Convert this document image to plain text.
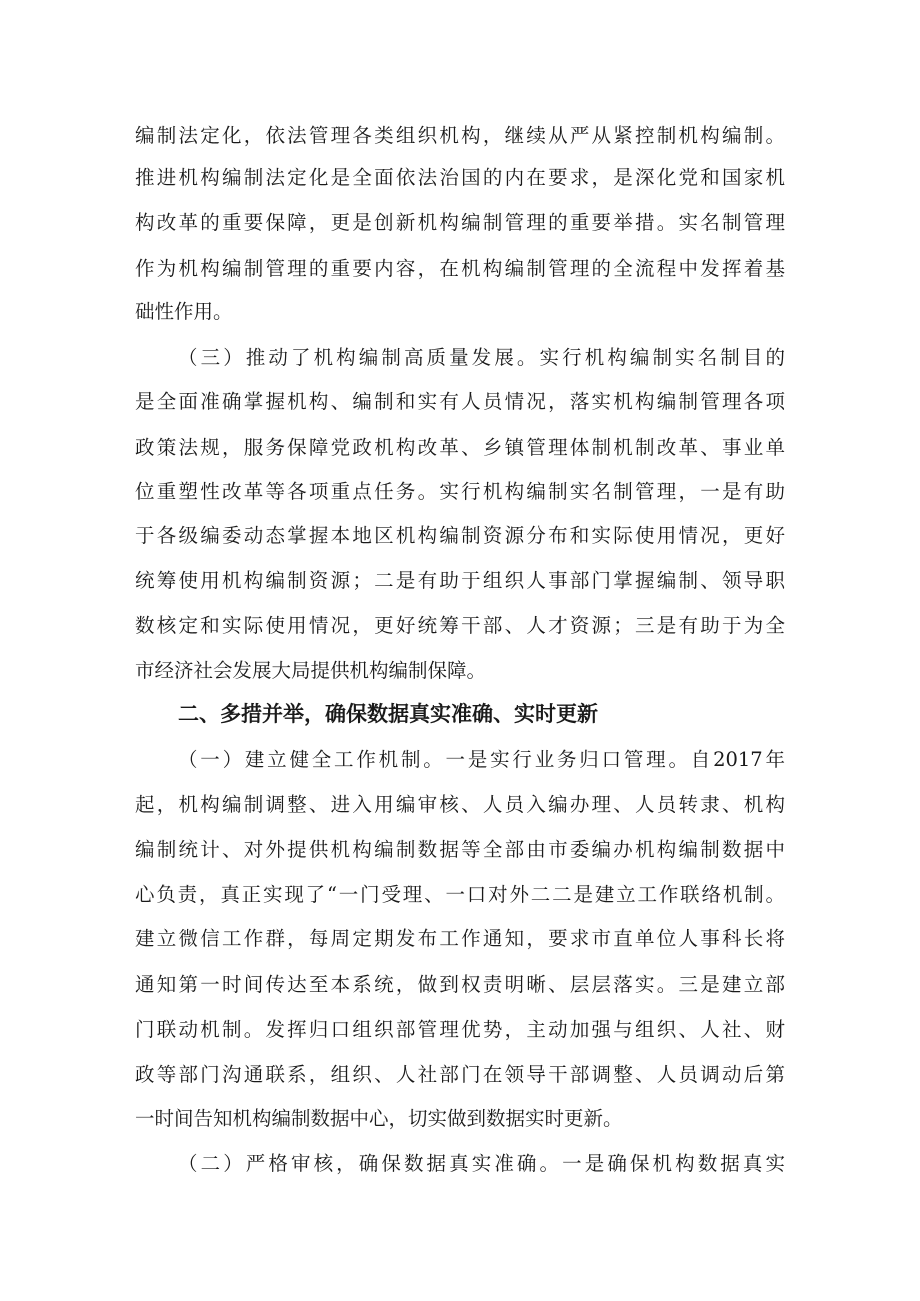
编制法定化，依法管理各类组织机构，继续从严从紧控制机构编制。
推进机构编制法定化是全面依法治国的内在要求，是深化党和国家机
构改革的重要保障，更是创新机构编制管理的重要举措。实名制管理
作为机构编制管理的重要内容，在机构编制管理的全流程中发挥着基
础性作用。
（三）推动了机构编制高质量发展。实行机构编制实名制目的
是全面准确掌握机构、编制和实有人员情况，落实机构编制管理各项
政策法规，服务保障党政机构改革、乡镇管理体制机制改革、事业单
位重塑性改革等各项重点任务。实行机构编制实名制管理，一是有助
于各级编委动态掌握本地区机构编制资源分布和实际使用情况，更好
统筹使用机构编制资源；二是有助于组织人事部门掌握编制、领导职
数核定和实际使用情况，更好统筹干部、人才资源；三是有助于为全
市经济社会发展大局提供机构编制保障。
二、多措并举，确保数据真实准确、实时更新
（一）建立健全工作机制。一是实行业务归口管理。自2017年
起，机构编制调整、进入用编审核、人员入编办理、人员转隶、机构
编制统计、对外提供机构编制数据等全部由市委编办机构编制数据中
心负责，真正实现了“一门受理、一口对外二二是建立工作联络机制。
建立微信工作群，每周定期发布工作通知，要求市直单位人事科长将
通知第一时间传达至本系统，做到权责明晰、层层落实。三是建立部
门联动机制。发挥归口组织部管理优势，主动加强与组织、人社、财
政等部门沟通联系，组织、人社部门在领导干部调整、人员调动后第
一时间告知机构编制数据中心，切实做到数据实时更新。
（二）严格审核，确保数据真实准确。一是确保机构数据真实
